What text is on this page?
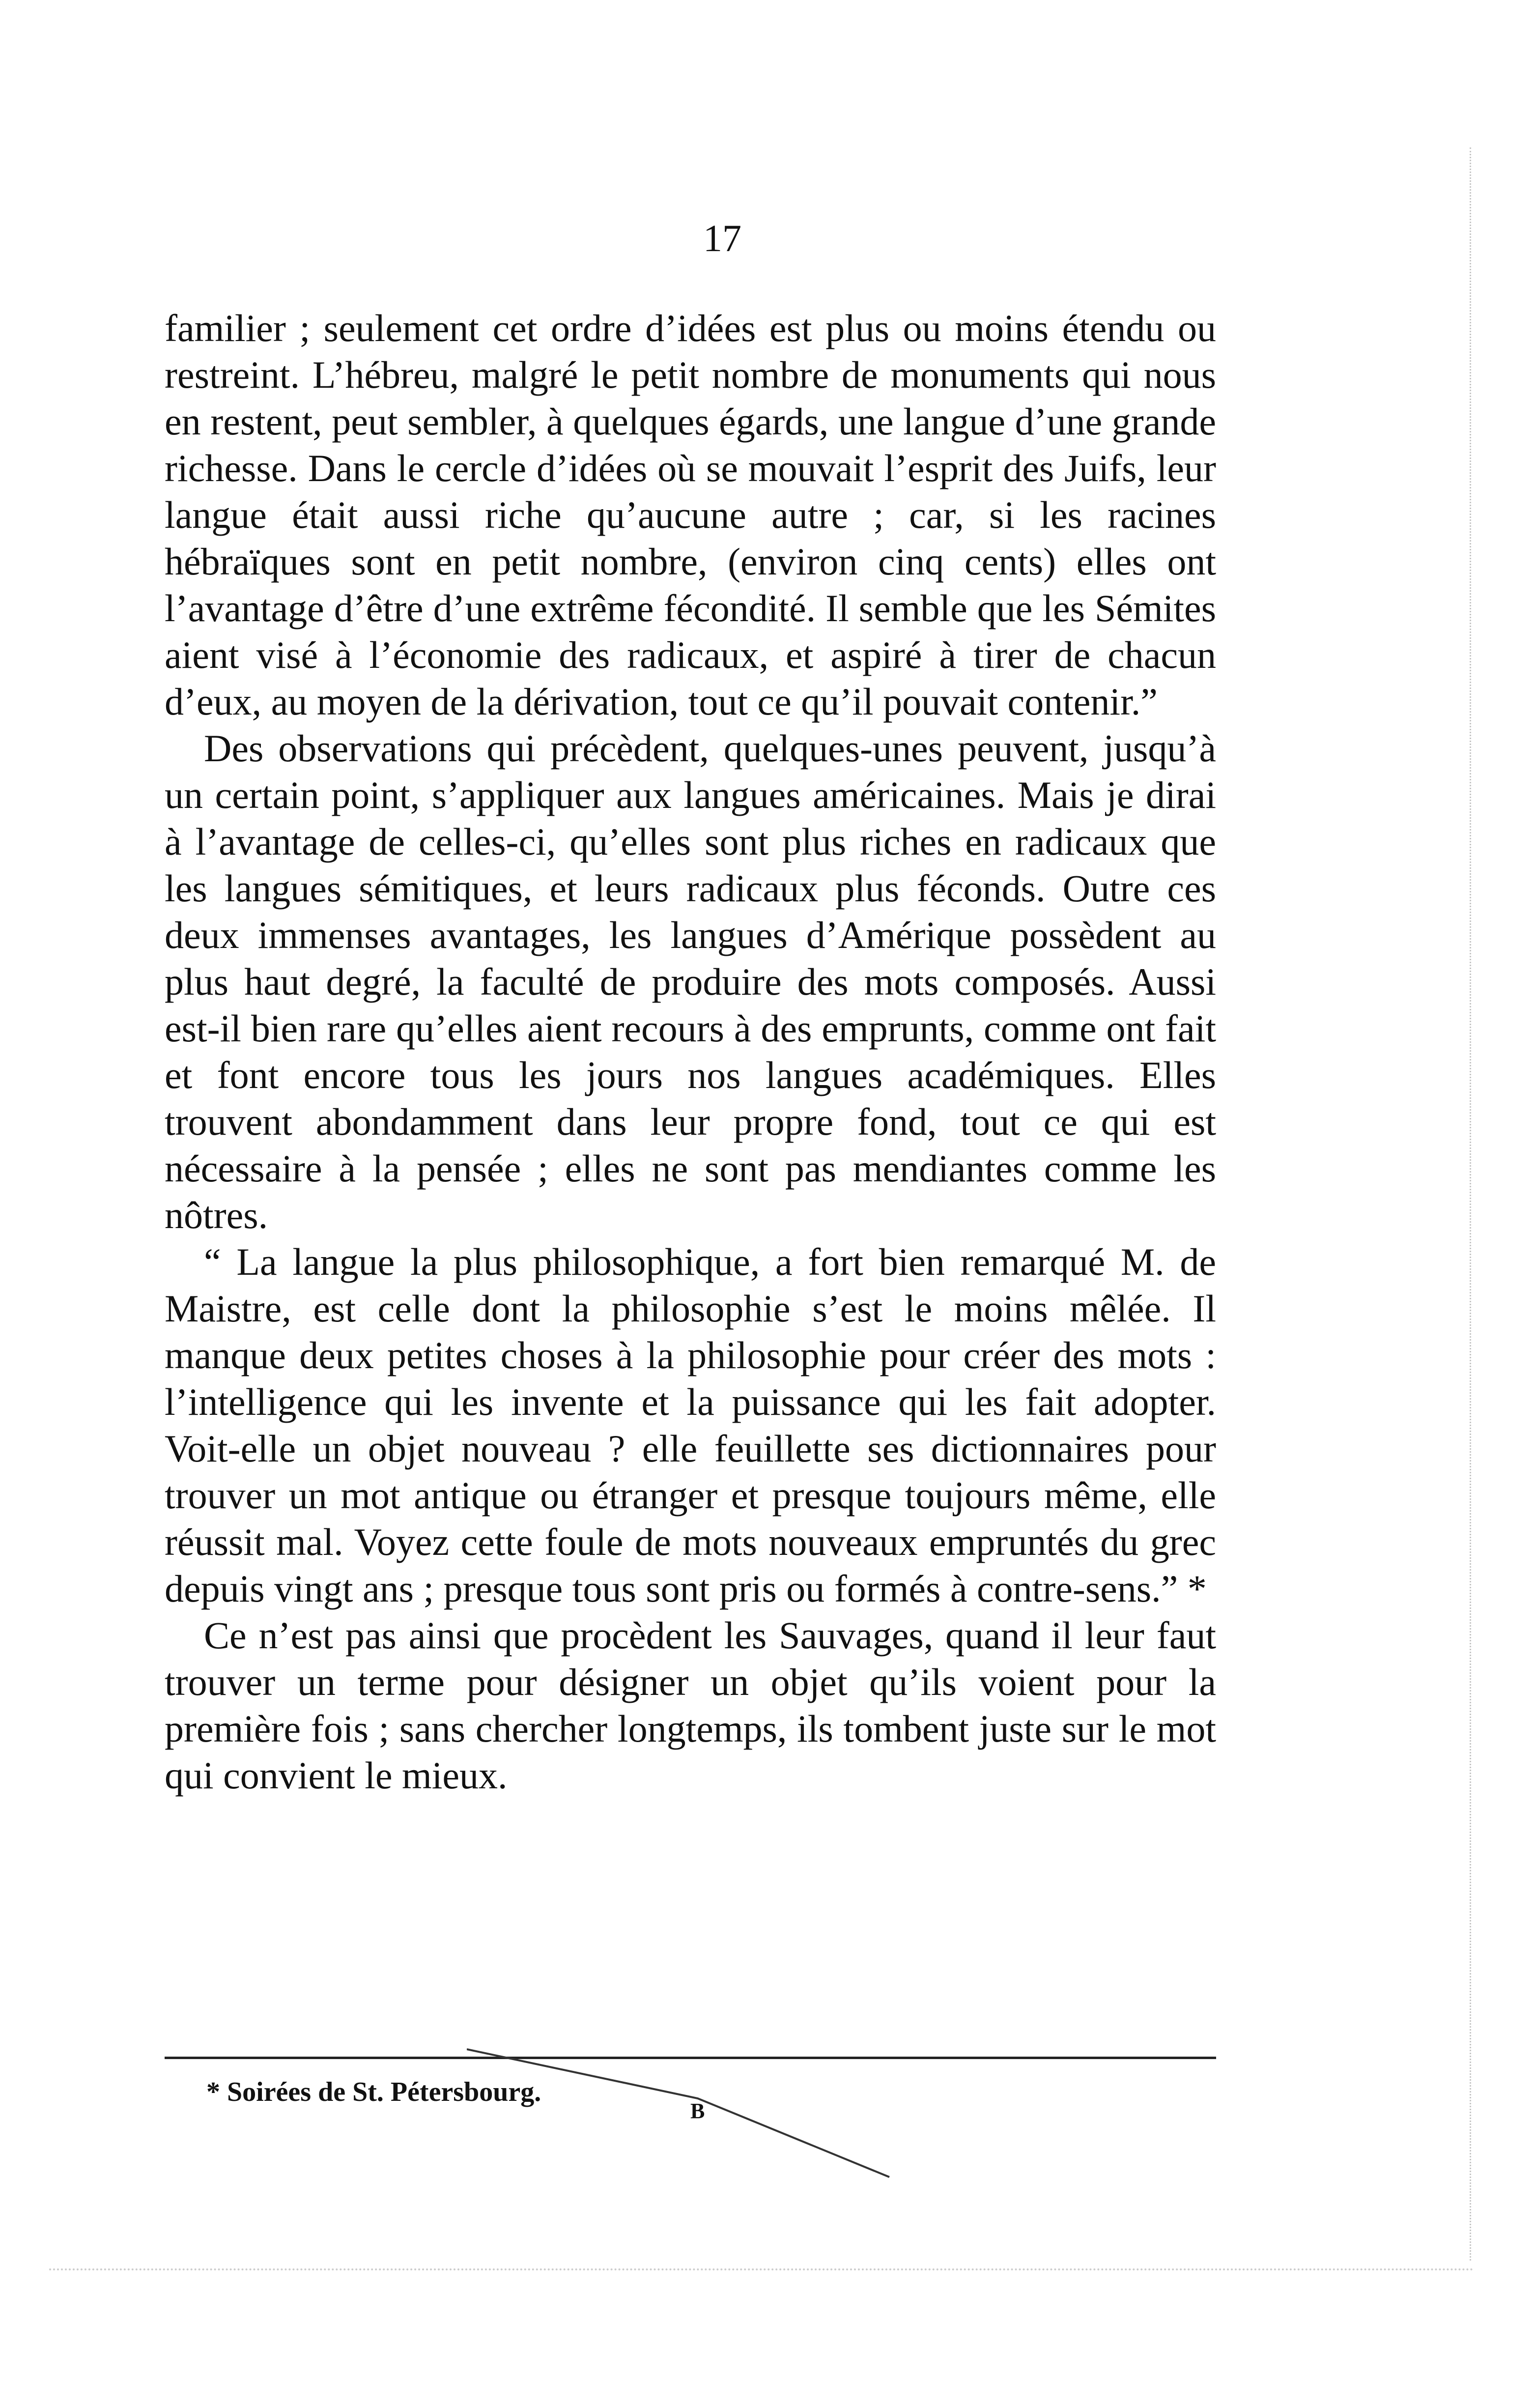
17

familier ; seulement cet ordre d’idées est plus ou moins étendu ou restreint. L’hébreu, malgré le petit nombre de monuments qui nous en restent, peut sembler, à quelques égards, une langue d’une grande richesse. Dans le cercle d’idées où se mouvait l’esprit des Juifs, leur langue était aussi riche qu’aucune autre ; car, si les racines hébraïques sont en petit nombre, (environ cinq cents) elles ont l’avantage d’être d’une extrême fécondité. Il semble que les Sémites aient visé à l’économie des radicaux, et aspiré à tirer de chacun d’eux, au moyen de la dérivation, tout ce qu’il pouvait contenir.”

Des observations qui précèdent, quelques-unes peuvent, jusqu’à un certain point, s’appliquer aux langues américaines. Mais je dirai à l’avantage de celles-ci, qu’elles sont plus riches en radicaux que les langues sémitiques, et leurs radicaux plus féconds. Outre ces deux immenses avantages, les langues d’Amérique possèdent au plus haut degré, la faculté de produire des mots composés. Aussi est-il bien rare qu’elles aient recours à des emprunts, comme ont fait et font encore tous les jours nos langues académiques. Elles trouvent abondamment dans leur propre fond, tout ce qui est nécessaire à la pensée ; elles ne sont pas mendiantes comme les nôtres.

“ La langue la plus philosophique, a fort bien remarqué M. de Maistre, est celle dont la philosophie s’est le moins mêlée. Il manque deux petites choses à la philosophie pour créer des mots : l’intelligence qui les invente et la puissance qui les fait adopter. Voit-elle un objet nouveau ? elle feuillette ses dictionnaires pour trouver un mot antique ou étranger et presque toujours même, elle réussit mal. Voyez cette foule de mots nouveaux empruntés du grec depuis vingt ans ; presque tous sont pris ou formés à contre-sens.” *

Ce n’est pas ainsi que procèdent les Sauvages, quand il leur faut trouver un terme pour désigner un objet qu’ils voient pour la première fois ; sans chercher longtemps, ils tombent juste sur le mot qui convient le mieux.

* Soirées de St. Pétersbourg.
B
